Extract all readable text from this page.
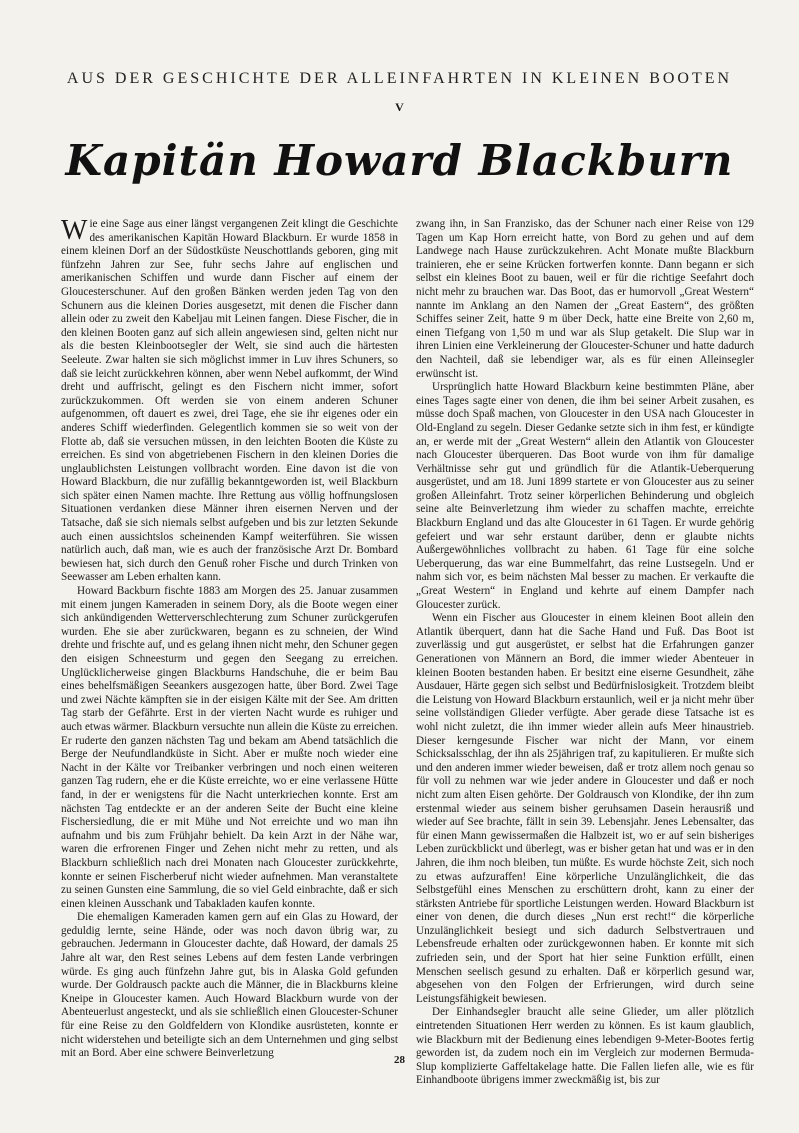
AUS DER GESCHICHTE DER ALLEINFAHRTEN IN KLEINEN BOOTEN
V
Kapitän Howard Blackburn

Wie eine Sage aus einer längst vergangenen Zeit klingt die Geschichte des amerikanischen Kapitän Howard Blackburn. Er wurde 1858 in einem kleinen Dorf an der Südostküste Neuschottlands geboren, ging mit fünfzehn Jahren zur See, fuhr sechs Jahre auf englischen und amerikanischen Schiffen und wurde dann Fischer auf einem der Gloucesterschuner. Auf den großen Bänken werden jeden Tag von den Schunern aus die kleinen Dories ausgesetzt, mit denen die Fischer dann allein oder zu zweit den Kabeljau mit Leinen fangen. Diese Fischer, die in den kleinen Booten ganz auf sich allein angewiesen sind, gelten nicht nur als die besten Kleinbootsegler der Welt, sie sind auch die härtesten Seeleute. Zwar halten sie sich möglichst immer in Luv ihres Schuners, so daß sie leicht zurückkehren können, aber wenn Nebel aufkommt, der Wind dreht und auffrischt, gelingt es den Fischern nicht immer, sofort zurückzukommen. Oft werden sie von einem anderen Schuner aufgenommen, oft dauert es zwei, drei Tage, ehe sie ihr eigenes oder ein anderes Schiff wiederfinden. Gelegentlich kommen sie so weit von der Flotte ab, daß sie versuchen müssen, in den leichten Booten die Küste zu erreichen. Es sind von abgetriebenen Fischern in den kleinen Dories die unglaublichsten Leistungen vollbracht worden. Eine davon ist die von Howard Blackburn, die nur zufällig bekanntgeworden ist, weil Blackburn sich später einen Namen machte. Ihre Rettung aus völlig hoffnungslosen Situationen verdanken diese Männer ihren eisernen Nerven und der Tatsache, daß sie sich niemals selbst aufgeben und bis zur letzten Sekunde auch einen aussichtslos scheinenden Kampf weiterführen. Sie wissen natürlich auch, daß man, wie es auch der französische Arzt Dr. Bombard bewiesen hat, sich durch den Genuß roher Fische und durch Trinken von Seewasser am Leben erhalten kann.

Howard Backburn fischte 1883 am Morgen des 25. Januar zusammen mit einem jungen Kameraden in seinem Dory, als die Boote wegen einer sich ankündigenden Wetterverschlechterung zum Schuner zurückgerufen wurden. Ehe sie aber zurückwaren, begann es zu schneien, der Wind drehte und frischte auf, und es gelang ihnen nicht mehr, den Schuner gegen den eisigen Schneesturm und gegen den Seegang zu erreichen. Unglücklicherweise gingen Blackburns Handschuhe, die er beim Bau eines behelfsmäßigen Seeankers ausgezogen hatte, über Bord. Zwei Tage und zwei Nächte kämpften sie in der eisigen Kälte mit der See. Am dritten Tag starb der Gefährte. Erst in der vierten Nacht wurde es ruhiger und auch etwas wärmer. Blackburn versuchte nun allein die Küste zu erreichen. Er ruderte den ganzen nächsten Tag und bekam am Abend tatsächlich die Berge der Neufundlandküste in Sicht. Aber er mußte noch wieder eine Nacht in der Kälte vor Treibanker verbringen und noch einen weiteren ganzen Tag rudern, ehe er die Küste erreichte, wo er eine verlassene Hütte fand, in der er wenigstens für die Nacht unterkriechen konnte. Erst am nächsten Tag entdeckte er an der anderen Seite der Bucht eine kleine Fischersiedlung, die er mit Mühe und Not erreichte und wo man ihn aufnahm und bis zum Frühjahr behielt. Da kein Arzt in der Nähe war, waren die erfrorenen Finger und Zehen nicht mehr zu retten, und als Blackburn schließlich nach drei Monaten nach Gloucester zurückkehrte, konnte er seinen Fischerberuf nicht wieder aufnehmen. Man veranstaltete zu seinen Gunsten eine Sammlung, die so viel Geld einbrachte, daß er sich einen kleinen Ausschank und Tabakladen kaufen konnte.

Die ehemaligen Kameraden kamen gern auf ein Glas zu Howard, der geduldig lernte, seine Hände, oder was noch davon übrig war, zu gebrauchen. Jedermann in Gloucester dachte, daß Howard, der damals 25 Jahre alt war, den Rest seines Lebens auf dem festen Lande verbringen würde. Es ging auch fünfzehn Jahre gut, bis in Alaska Gold gefunden wurde. Der Goldrausch packte auch die Männer, die in Blackburns kleine Kneipe in Gloucester kamen. Auch Howard Blackburn wurde von der Abenteuerlust angesteckt, und als sie schließlich einen Gloucester-Schuner für eine Reise zu den Goldfeldern von Klondike ausrüsteten, konnte er nicht widerstehen und beteiligte sich an dem Unternehmen und ging selbst mit an Bord. Aber eine schwere Beinverletzung

zwang ihn, in San Franzisko, das der Schuner nach einer Reise von 129 Tagen um Kap Horn erreicht hatte, von Bord zu gehen und auf dem Landwege nach Hause zurückzukehren. Acht Monate mußte Blackburn trainieren, ehe er seine Krücken fortwerfen konnte. Dann begann er sich selbst ein kleines Boot zu bauen, weil er für die richtige Seefahrt doch nicht mehr zu brauchen war. Das Boot, das er humorvoll „Great Western“ nannte im Anklang an den Namen der „Great Eastern“, des größten Schiffes seiner Zeit, hatte 9 m über Deck, hatte eine Breite von 2,60 m, einen Tiefgang von 1,50 m und war als Slup getakelt. Die Slup war in ihren Linien eine Verkleinerung der Gloucester-Schuner und hatte dadurch den Nachteil, daß sie lebendiger war, als es für einen Alleinsegler erwünscht ist.

Ursprünglich hatte Howard Blackburn keine bestimmten Pläne, aber eines Tages sagte einer von denen, die ihm bei seiner Arbeit zusahen, es müsse doch Spaß machen, von Gloucester in den USA nach Gloucester in Old-England zu segeln. Dieser Gedanke setzte sich in ihm fest, er kündigte an, er werde mit der „Great Western“ allein den Atlantik von Gloucester nach Gloucester überqueren. Das Boot wurde von ihm für damalige Verhältnisse sehr gut und gründlich für die Atlantik-Ueberquerung ausgerüstet, und am 18. Juni 1899 startete er von Gloucester aus zu seiner großen Alleinfahrt. Trotz seiner körperlichen Behinderung und obgleich seine alte Beinverletzung ihm wieder zu schaffen machte, erreichte Blackburn England und das alte Gloucester in 61 Tagen. Er wurde gehörig gefeiert und war sehr erstaunt darüber, denn er glaubte nichts Außergewöhnliches vollbracht zu haben. 61 Tage für eine solche Ueberquerung, das war eine Bummelfahrt, das reine Lustsegeln. Und er nahm sich vor, es beim nächsten Mal besser zu machen. Er verkaufte die „Great Western“ in England und kehrte auf einem Dampfer nach Gloucester zurück.

Wenn ein Fischer aus Gloucester in einem kleinen Boot allein den Atlantik überquert, dann hat die Sache Hand und Fuß. Das Boot ist zuverlässig und gut ausgerüstet, er selbst hat die Erfahrungen ganzer Generationen von Männern an Bord, die immer wieder Abenteuer in kleinen Booten bestanden haben. Er besitzt eine eiserne Gesundheit, zähe Ausdauer, Härte gegen sich selbst und Bedürfnislosigkeit. Trotzdem bleibt die Leistung von Howard Blackburn erstaunlich, weil er ja nicht mehr über seine vollständigen Glieder verfügte. Aber gerade diese Tatsache ist es wohl nicht zuletzt, die ihn immer wieder allein aufs Meer hinaustrieb. Dieser kerngesunde Fischer war nicht der Mann, vor einem Schicksalsschlag, der ihn als 25jährigen traf, zu kapitulieren. Er mußte sich und den anderen immer wieder beweisen, daß er trotz allem noch genau so für voll zu nehmen war wie jeder andere in Gloucester und daß er noch nicht zum alten Eisen gehörte. Der Goldrausch von Klondike, der ihn zum erstenmal wieder aus seinem bisher geruhsamen Dasein herausriß und wieder auf See brachte, fällt in sein 39. Lebensjahr. Jenes Lebensalter, das für einen Mann gewissermaßen die Halbzeit ist, wo er auf sein bisheriges Leben zurückblickt und überlegt, was er bisher getan hat und was er in den Jahren, die ihm noch bleiben, tun müßte. Es wurde höchste Zeit, sich noch zu etwas aufzuraffen! Eine körperliche Unzulänglichkeit, die das Selbstgefühl eines Menschen zu erschüttern droht, kann zu einer der stärksten Antriebe für sportliche Leistungen werden. Howard Blackburn ist einer von denen, die durch dieses „Nun erst recht!“ die körperliche Unzulänglichkeit besiegt und sich dadurch Selbstvertrauen und Lebensfreude erhalten oder zurückgewonnen haben. Er konnte mit sich zufrieden sein, und der Sport hat hier seine Funktion erfüllt, einen Menschen seelisch gesund zu erhalten. Daß er körperlich gesund war, abgesehen von den Folgen der Erfrierungen, wird durch seine Leistungsfähigkeit bewiesen.

Der Einhandsegler braucht alle seine Glieder, um aller plötzlich eintretenden Situationen Herr werden zu können. Es ist kaum glaublich, wie Blackburn mit der Bedienung eines lebendigen 9-Meter-Bootes fertig geworden ist, da zudem noch ein im Vergleich zur modernen Bermuda-Slup komplizierte Gaffeltakelage hatte. Die Fallen liefen alle, wie es für Einhandboote übrigens immer zweckmäßig ist, bis zur

28
